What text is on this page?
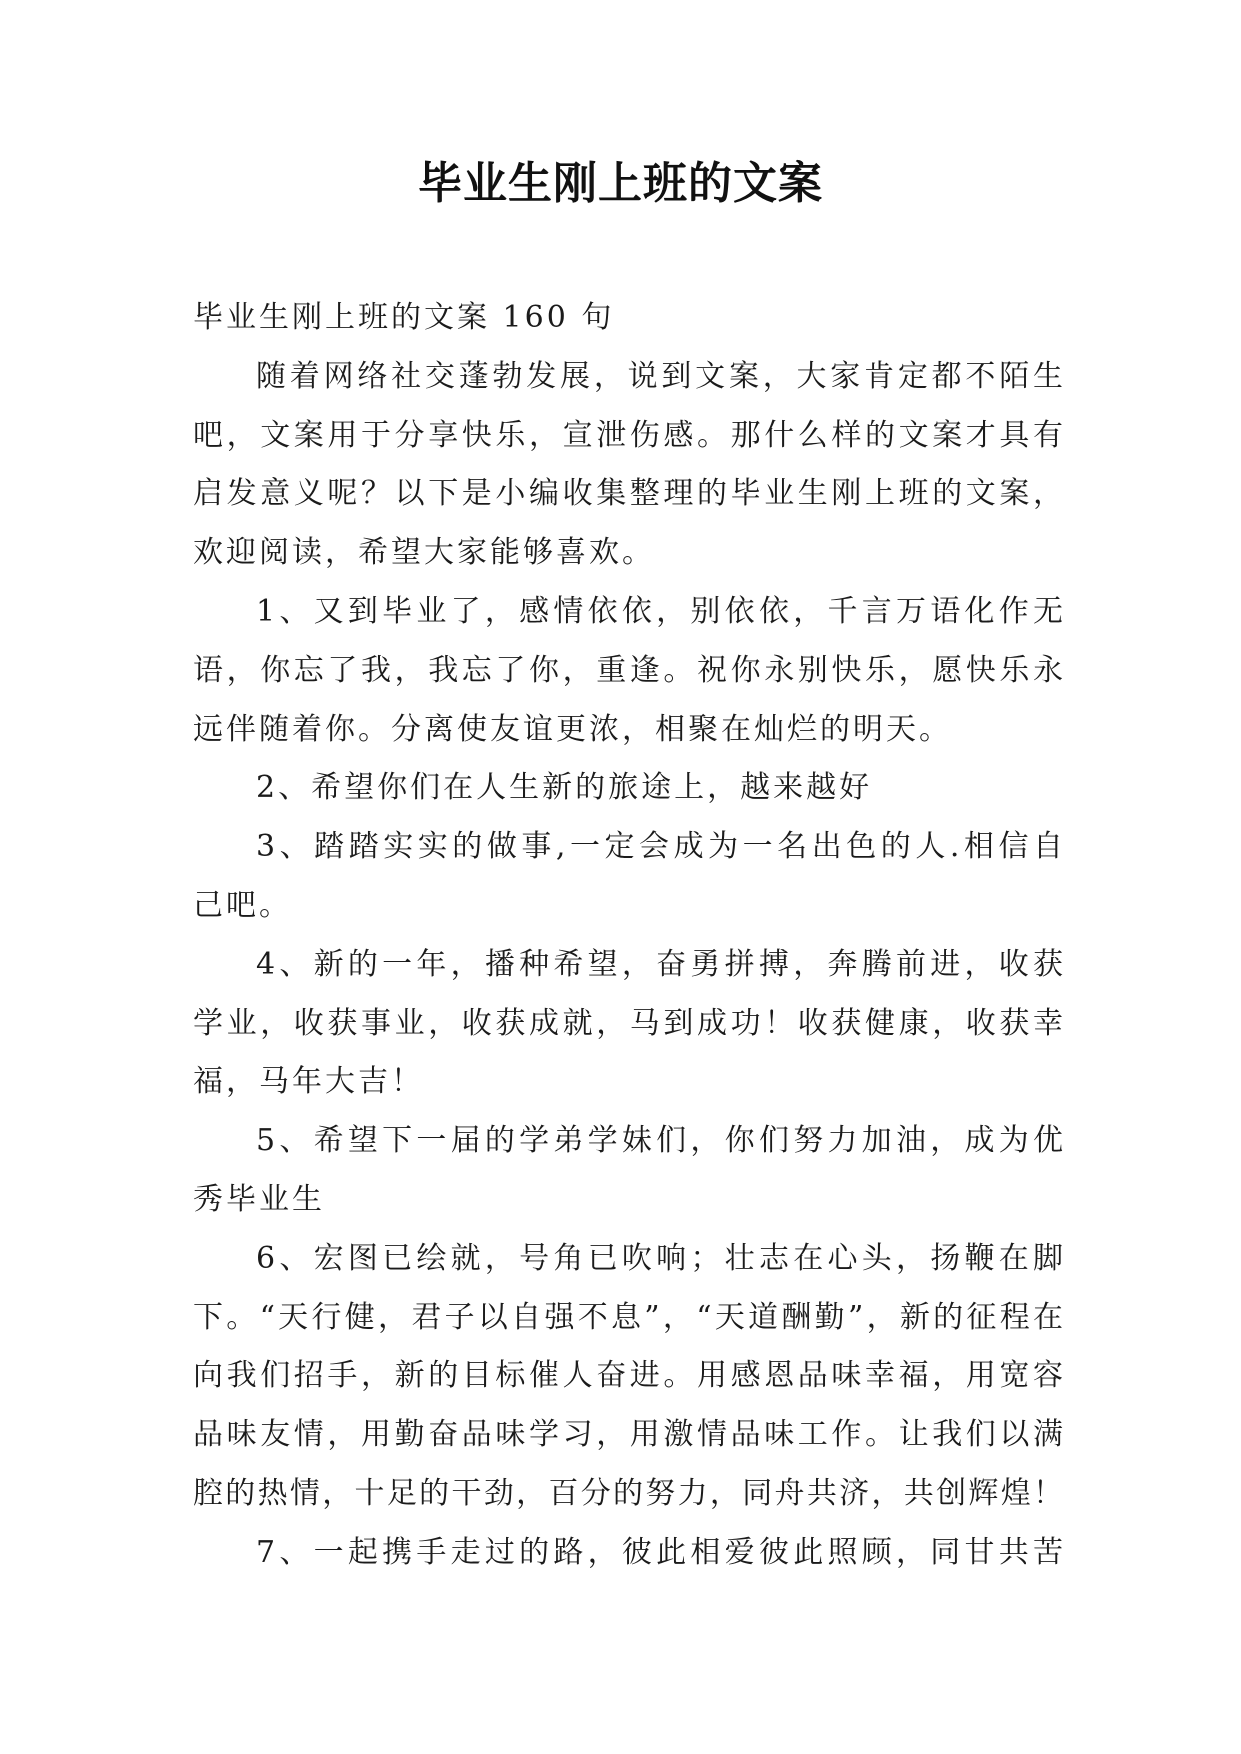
毕业生刚上班的文案
毕业生刚上班的文案 160 句
随着网络社交蓬勃发展，说到文案，大家肯定都不陌生
吧，文案用于分享快乐，宣泄伤感。那什么样的文案才具有
启发意义呢？以下是小编收集整理的毕业生刚上班的文案，
欢迎阅读，希望大家能够喜欢。
1、又到毕业了，感情依依，别依依，千言万语化作无
语，你忘了我，我忘了你，重逢。祝你永别快乐，愿快乐永
远伴随着你。分离使友谊更浓，相聚在灿烂的明天。
2、希望你们在人生新的旅途上，越来越好
3、踏踏实实的做事,一定会成为一名出色的人.相信自
己吧。
4、新的一年，播种希望，奋勇拼搏，奔腾前进，收获
学业，收获事业，收获成就，马到成功！收获健康，收获幸
福，马年大吉！
5、希望下一届的学弟学妹们，你们努力加油，成为优
秀毕业生
6、宏图已绘就，号角已吹响；壮志在心头，扬鞭在脚
下。“天行健，君子以自强不息”，“天道酬勤”，新的征程在
向我们招手，新的目标催人奋进。用感恩品味幸福，用宽容
品味友情，用勤奋品味学习，用激情品味工作。让我们以满
腔的热情，十足的干劲，百分的努力，同舟共济，共创辉煌！
7、一起携手走过的路，彼此相爱彼此照顾，同甘共苦
